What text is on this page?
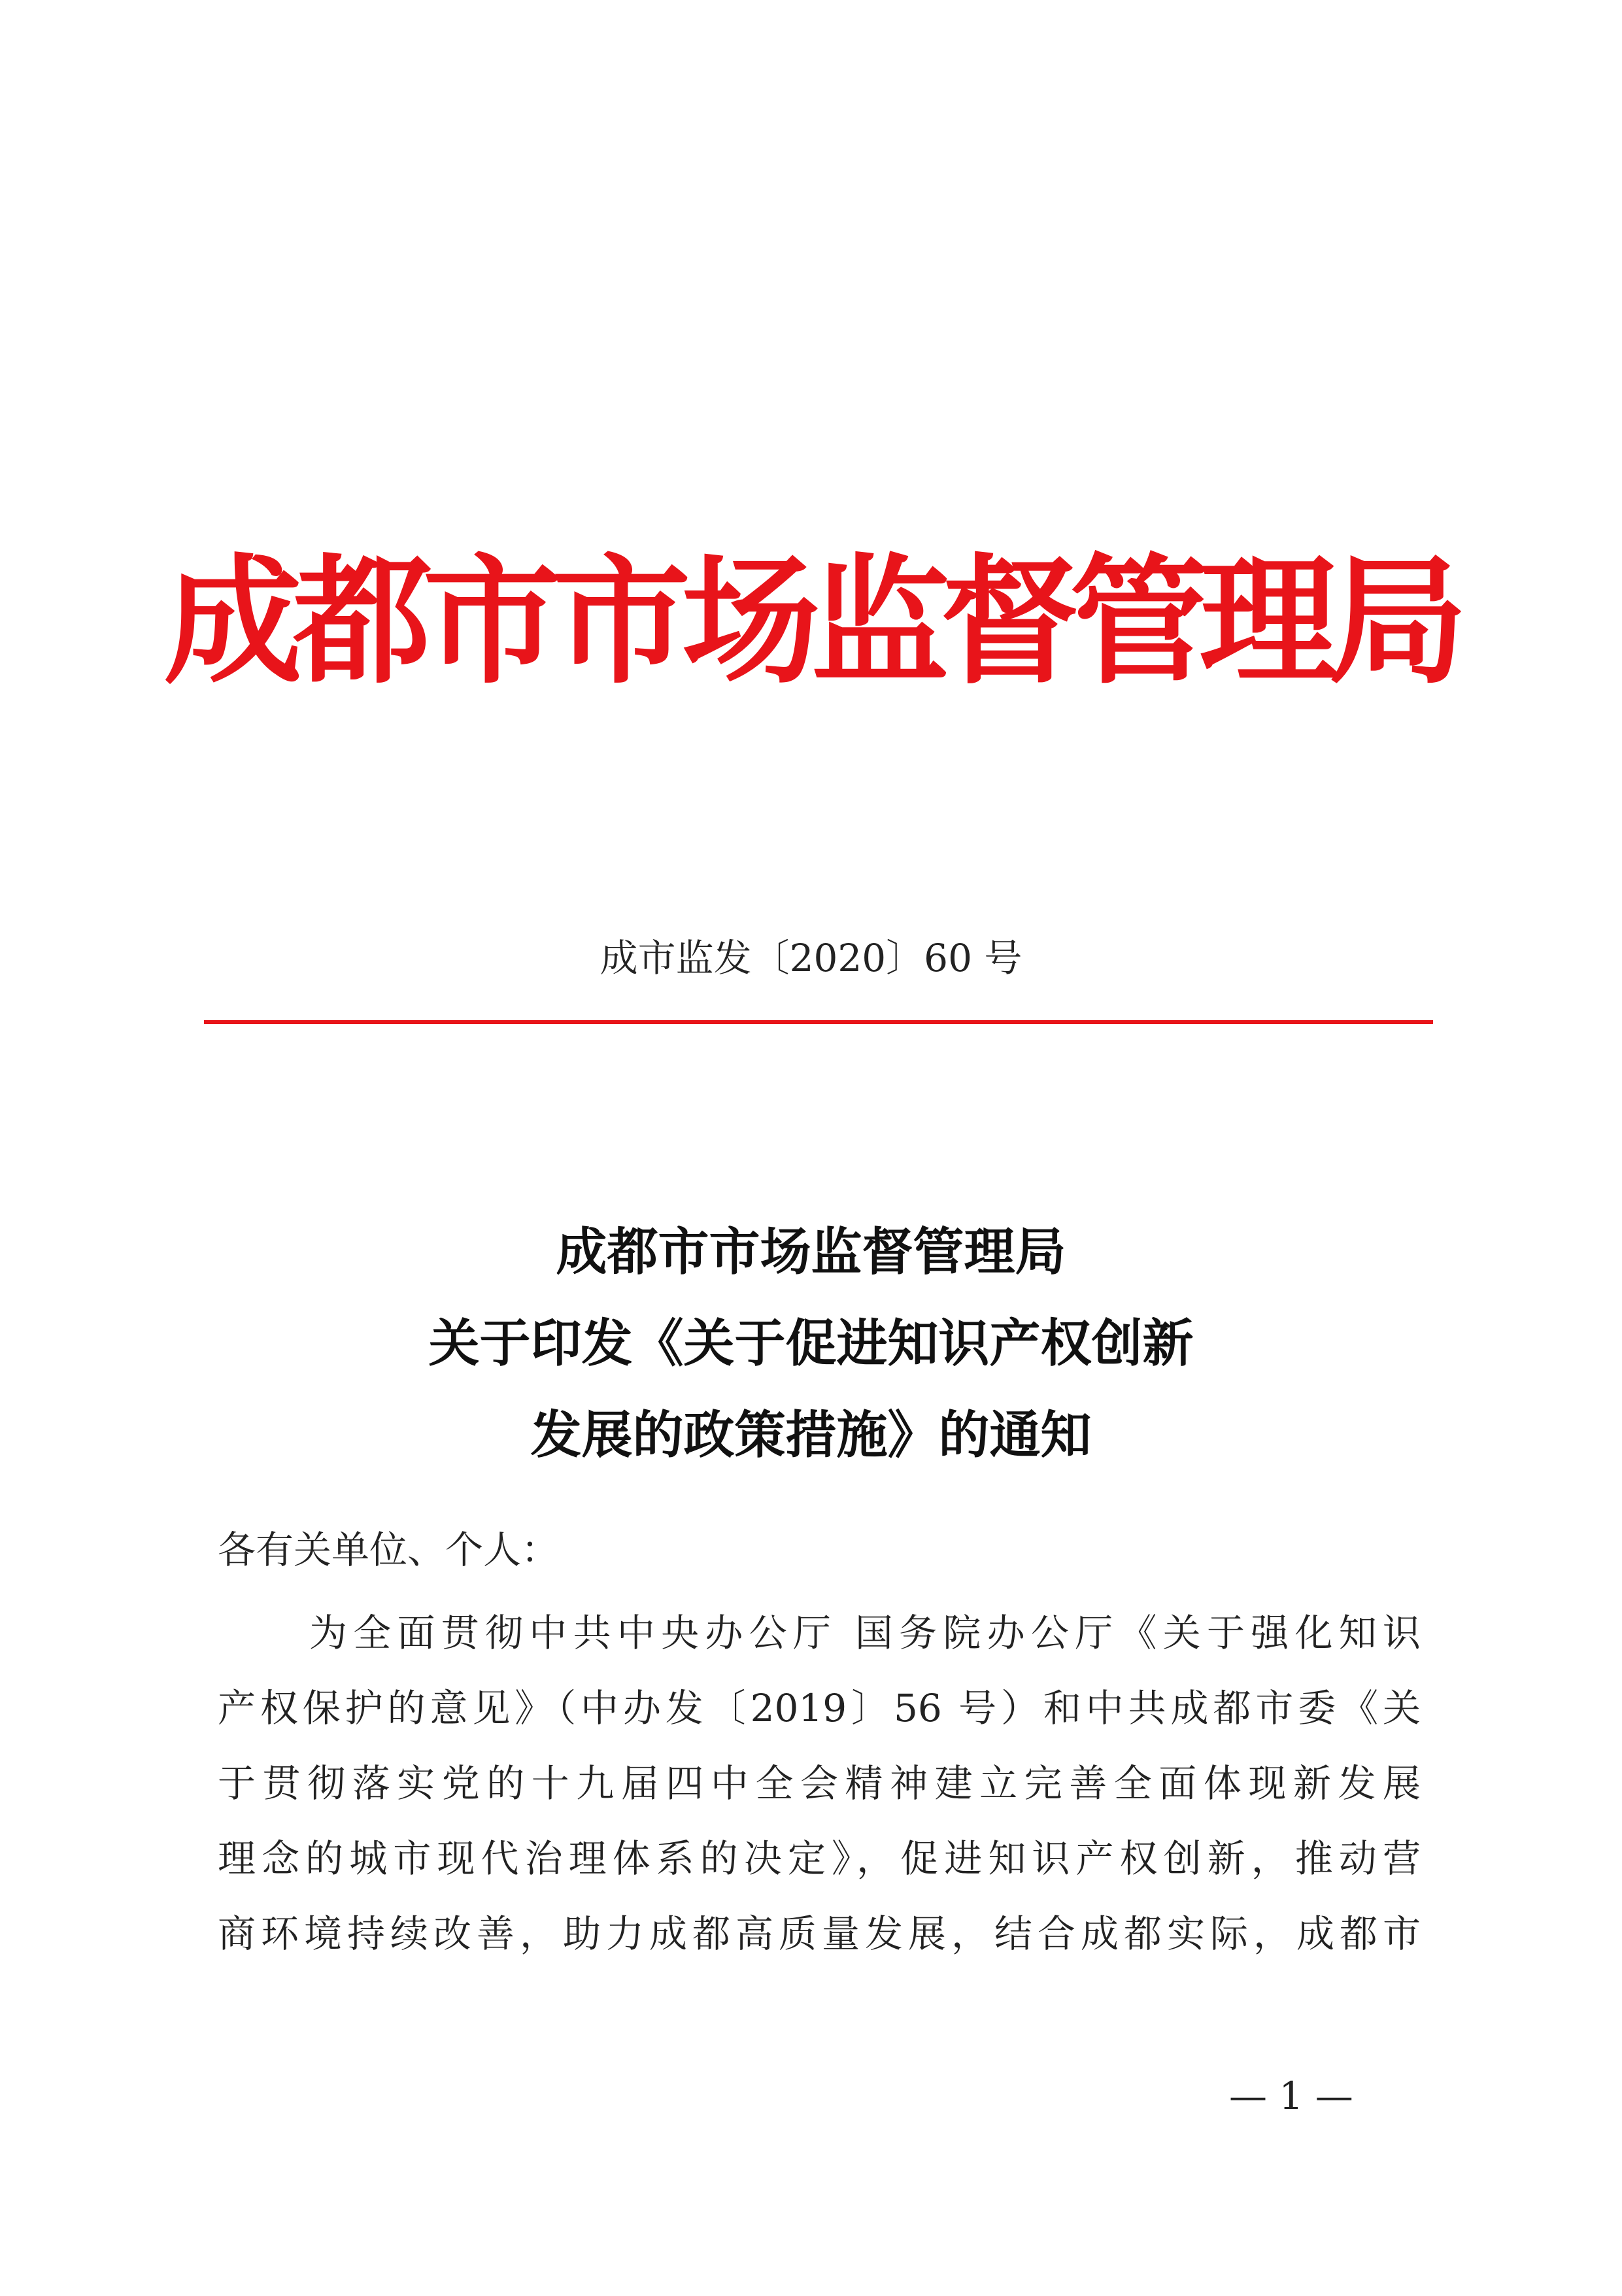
成都市市场监督管理局
成市监发〔2020〕60 号
成都市市场监督管理局
关于印发《关于促进知识产权创新
发展的政策措施》的通知
各有关单位、个人：
为全面贯彻中共中央办公厅 国务院办公厅《关于强化知识
产权保护的意见》（中办发〔2019〕56 号）和中共成都市委《关
于贯彻落实党的十九届四中全会精神建立完善全面体现新发展
理念的城市现代治理体系的决定》，促进知识产权创新，推动营
商环境持续改善，助力成都高质量发展，结合成都实际，成都市
— 1 —
